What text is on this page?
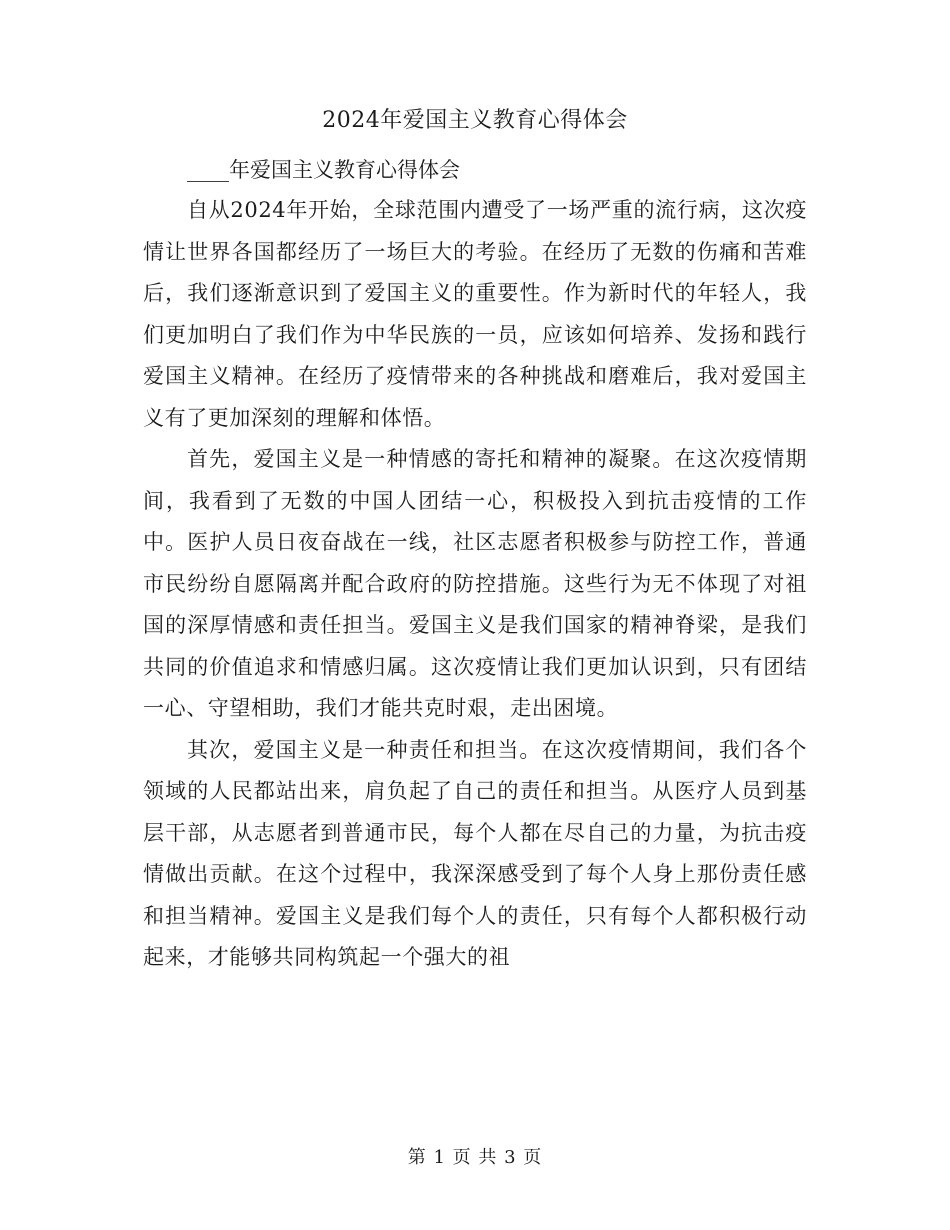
2024年爱国主义教育心得体会

____年爱国主义教育心得体会

自从2024年开始，全球范围内遭受了一场严重的流行病，这次疫情让世界各国都经历了一场巨大的考验。在经历了无数的伤痛和苦难后，我们逐渐意识到了爱国主义的重要性。作为新时代的年轻人，我们更加明白了我们作为中华民族的一员，应该如何培养、发扬和践行爱国主义精神。在经历了疫情带来的各种挑战和磨难后，我对爱国主义有了更加深刻的理解和体悟。

首先，爱国主义是一种情感的寄托和精神的凝聚。在这次疫情期间，我看到了无数的中国人团结一心，积极投入到抗击疫情的工作中。医护人员日夜奋战在一线，社区志愿者积极参与防控工作，普通市民纷纷自愿隔离并配合政府的防控措施。这些行为无不体现了对祖国的深厚情感和责任担当。爱国主义是我们国家的精神脊梁，是我们共同的价值追求和情感归属。这次疫情让我们更加认识到，只有团结一心、守望相助，我们才能共克时艰，走出困境。

其次，爱国主义是一种责任和担当。在这次疫情期间，我们各个领域的人民都站出来，肩负起了自己的责任和担当。从医疗人员到基层干部，从志愿者到普通市民，每个人都在尽自己的力量，为抗击疫情做出贡献。在这个过程中，我深深感受到了每个人身上那份责任感和担当精神。爱国主义是我们每个人的责任，只有每个人都积极行动起来，才能够共同构筑起一个强大的祖

第 1 页 共 3 页
